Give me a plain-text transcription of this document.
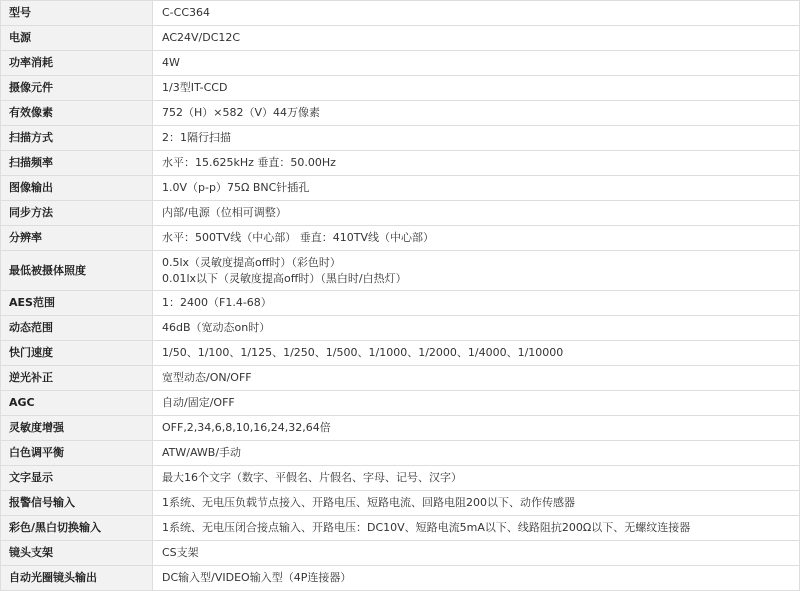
型号	C-CC364
电源	AC24V/DC12C
功率消耗	4W
摄像元件	1/3型IT-CCD
有效像素	752（H）×582（V）44万像素
扫描方式	2：1隔行扫描
扫描频率	水平：15.625kHz 垂直：50.00Hz
图像输出	1.0V（p-p）75Ω BNC针插孔
同步方法	内部/电源（位相可调整）
分辨率	水平：500TV线（中心部） 垂直：410TV线（中心部）
最低被摄体照度	0.5lx（灵敏度提高off时）（彩色时）
0.01lx以下（灵敏度提高off时）（黑白时/白热灯）

AES范围	1：2400（F1.4-68）
动态范围	46dB（宽动态on时）
快门速度	1/50、1/100、1/125、1/250、1/500、1/1000、1/2000、1/4000、1/10000
逆光补正	宽型动态/ON/OFF
AGC	自动/固定/OFF
灵敏度增强	OFF,2,34,6,8,10,16,24,32,64倍
白色调平衡	ATW/AWB/手动
文字显示	最大16个文字（数字、平假名、片假名、字母、记号、汉字）
报警信号输入	1系统、无电压负载节点接入、开路电压、短路电流、回路电阻200以下、动作传感器
彩色/黑白切换输入	1系统、无电压闭合接点输入、开路电压：DC10V、短路电流5mA以下、线路阻抗200Ω以下、无螺纹连接器
镜头支架	CS支架
自动光圈镜头输出	DC输入型/VIDEO输入型（4P连接器）
